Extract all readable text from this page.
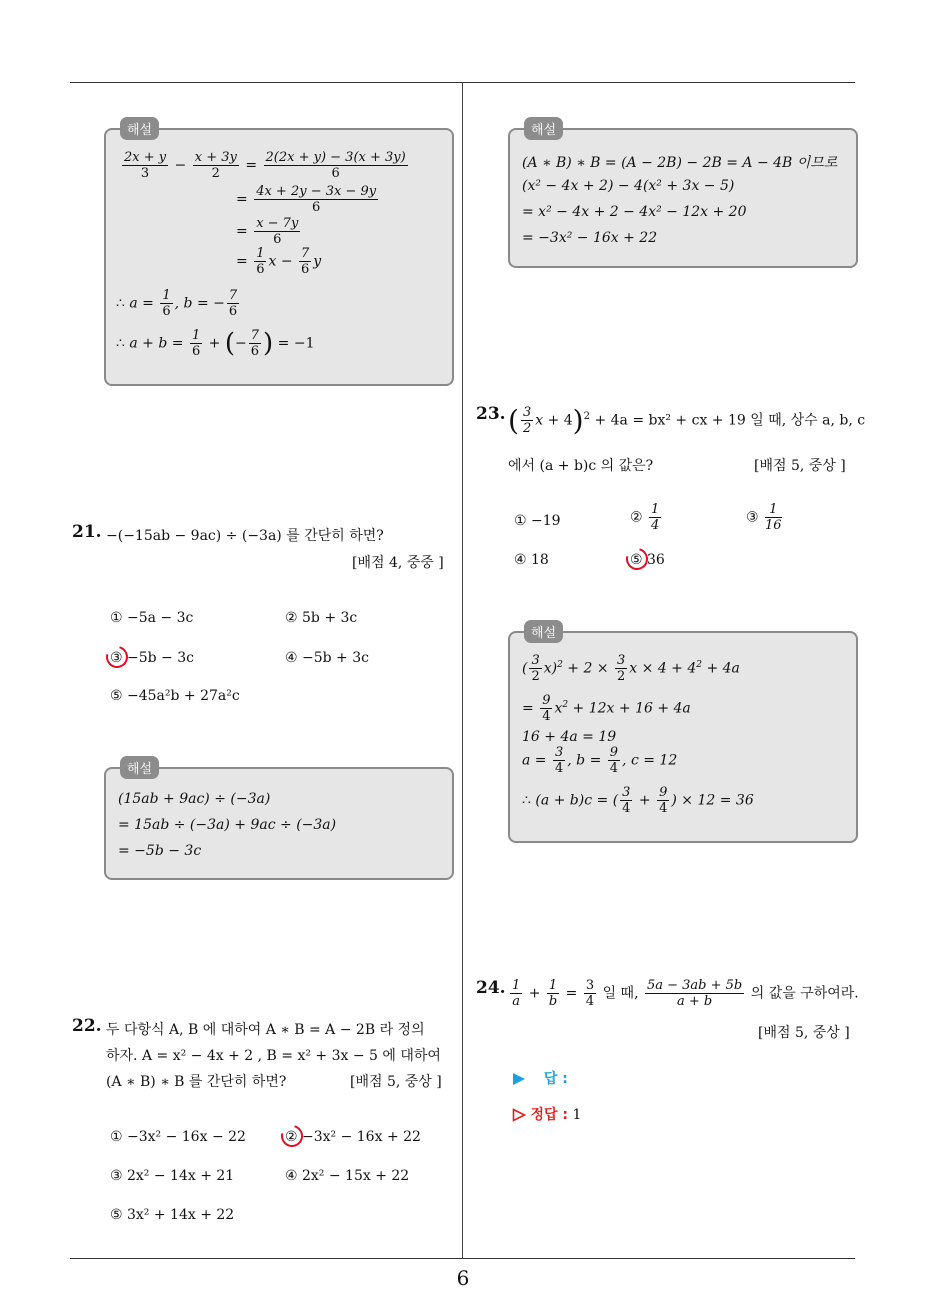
해설
$\frac{2x + y}{3} - \frac{x + 3y}{2} = \frac{2(2x + y) - 3(x + 3y)}{6}$
= $\frac{4x + 2y - 3x - 9y}{6}$
= $\frac{x - 7y}{6}$
= $\frac{1}{6}$ $x - \frac{7}{6}$ y
∴ $a = \frac{1}{6}$ , b = − $\frac{7}{6}$
∴ $a + b = \frac{1}{6}$ + (− $\frac{7}{6}$ ) = −1
21. −(−15ab − 9ac) ÷ (−3a) 를 간단히 하면?
[배점 4, 중중 ]
① −5a − 3c	② 5b + 3c
③ −5b − 3c	④ −5b + 3c
⑤ −45a²b + 27a²c
해설
(15ab + 9ac) ÷ (−3a)
= 15ab ÷ (−3a) + 9ac ÷ (−3a)
= −5b − 3c
22. 두 다항식 A, B 에 대하여 A ∗ B = A − 2B 라 정의
하자. A = x² − 4x + 2 , B = x² + 3x − 5 에 대하여
(A ∗ B) ∗ B 를 간단히 하면?	[배점 5, 중상 ]
① −3x² − 16x − 22	② −3x² − 16x + 22
③ 2x² − 14x + 21	④ 2x² − 15x + 22
⑤ 3x² + 14x + 22
해설
(A ∗ B) ∗ B = (A − 2B) − 2B = A − 4B 이므로
(x² − 4x + 2) − 4(x² + 3x − 5)
= x² − 4x + 2 − 4x² − 12x + 20
= −3x² − 16x + 22
23. ( $\frac{3}{2}$ x + 4)$^2$ + 4a = bx² + cx + 19 일 때, 상수 a, b, c
에서 (a + b)c 의 값은?	[배점 5, 중상 ]
① −19	② $\frac{1}{4}$	③ $\frac{1}{16}$
④ 18	⑤ 36
해설
( $\frac{3}{2} x)^2 + 2 \times \frac{3}{2}$ $x \times 4 + 4^2 + 4a$
= $\frac{9}{4} x^2 + 12x + 16 + 4a$
16 + 4a = 19
$a = \frac{3}{4}$ , $b = \frac{9}{4}$ , c = 12
∴ (a + b)c = ( $\frac{3}{4} + \frac{9}{4}$ ) × 12 = 36
24. $\frac{1}{a} + \frac{1}{b} = \frac{3}{4}$ 일 때, $\frac{5a - 3ab + 5b}{a + b}$ 의 값을 구하여라.
[배점 5, 중상 ]
답 :
정답 : 1
6
